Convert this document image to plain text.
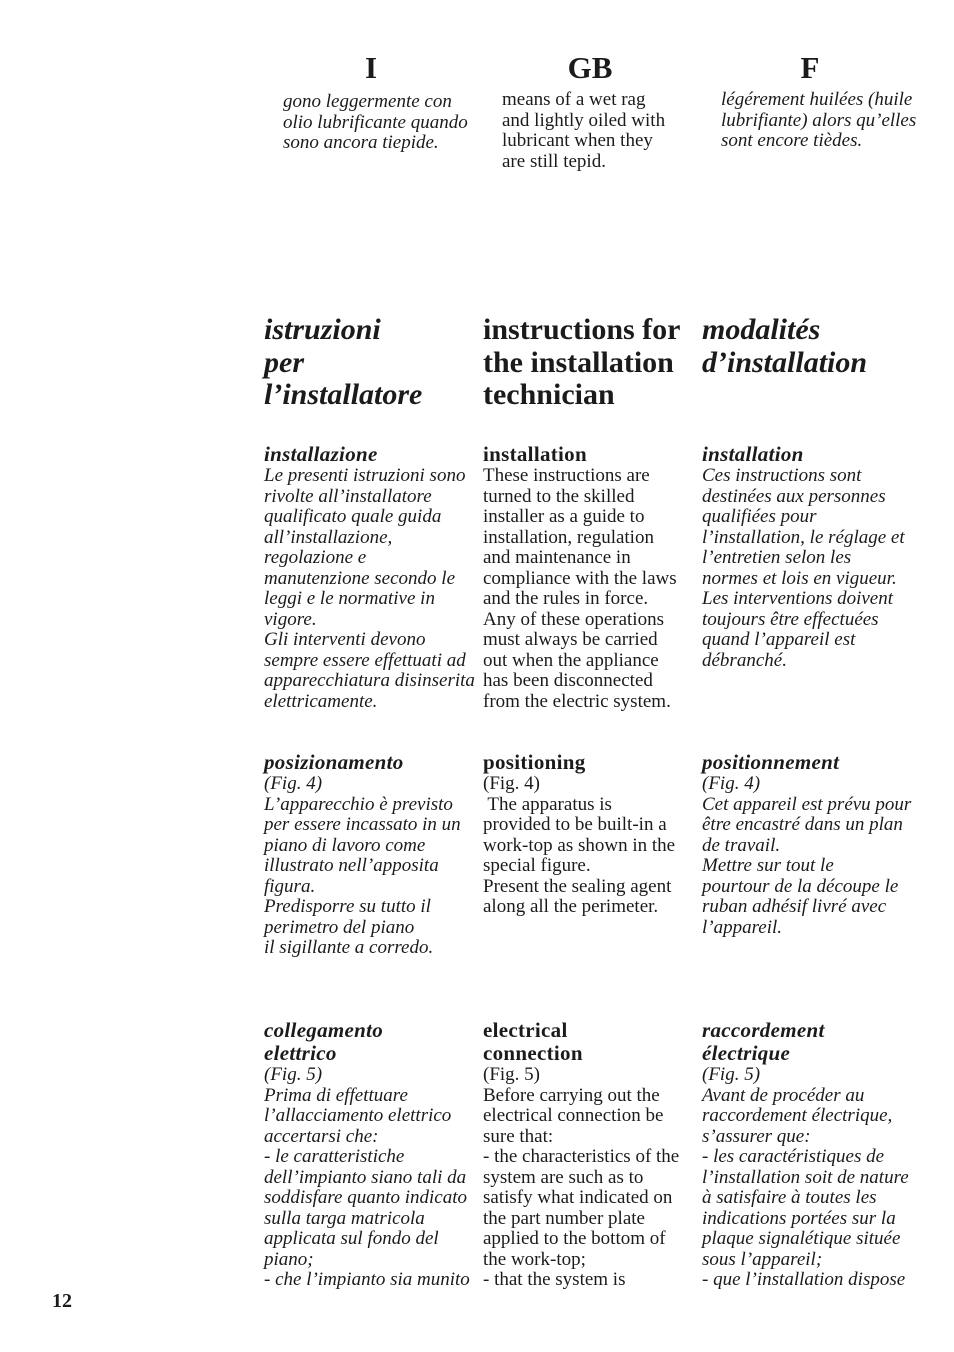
I	GB	F
gono leggermente con
olio lubrificante quando
sono ancora tiepide.
means of a wet rag
and lightly oiled with
lubricant when they
are still tepid.
légérement huilées (huile
lubrifiante) alors qu’elles
sont encore tièdes.
istruzioni
per
l’installatore
instructions for
the installation
technician
modalités
d’installation
installazione
Le presenti istruzioni sono
rivolte all’installatore
qualificato quale guida
all’installazione,
regolazione e
manutenzione secondo le
leggi e le normative in
vigore.
Gli interventi devono
sempre essere effettuati ad
apparecchiatura disinserita
elettricamente.
installation
These instructions are
turned to the skilled
installer as a guide to
installation, regulation
and maintenance in
compliance with the laws
and the rules in force.
Any of these operations
must always be carried
out when the appliance
has been disconnected
from the electric system.
installation
Ces instructions sont
destinées aux personnes
qualifiées pour
l’installation, le réglage et
l’entretien selon les
normes et lois en vigueur.
Les interventions doivent
toujours être effectuées
quand l’appareil est
débranché.
posizionamento
(Fig. 4)
L’apparecchio è previsto
per essere incassato in un
piano di lavoro come
illustrato nell’apposita
figura.
Predisporre su tutto il
perimetro del piano
il sigillante a corredo.
positioning
(Fig. 4)
The apparatus is
provided to be built-in a
work-top as shown in the
special figure.
Present the sealing agent
along all the perimeter.
positionnement
(Fig. 4)
Cet appareil est prévu pour
être encastré dans un plan
de travail.
Mettre sur tout le
pourtour de la découpe le
ruban adhésif livré avec
l’appareil.
collegamento
elettrico
(Fig. 5)
Prima di effettuare
l’allacciamento elettrico
accertarsi che:
- le caratteristiche
dell’impianto siano tali da
soddisfare quanto indicato
sulla targa matricola
applicata sul fondo del
piano;
- che l’impianto sia munito
electrical
connection
(Fig. 5)
Before carrying out the
electrical connection be
sure that:
- the characteristics of the
system are such as to
satisfy what indicated on
the part number plate
applied to the bottom of
the work-top;
- that the system is
raccordement
électrique
(Fig. 5)
Avant de procéder au
raccordement électrique,
s’assurer que:
- les caractéristiques de
l’installation soit de nature
à satisfaire à toutes les
indications portées sur la
plaque signalétique située
sous l’appareil;
- que l’installation dispose
12
